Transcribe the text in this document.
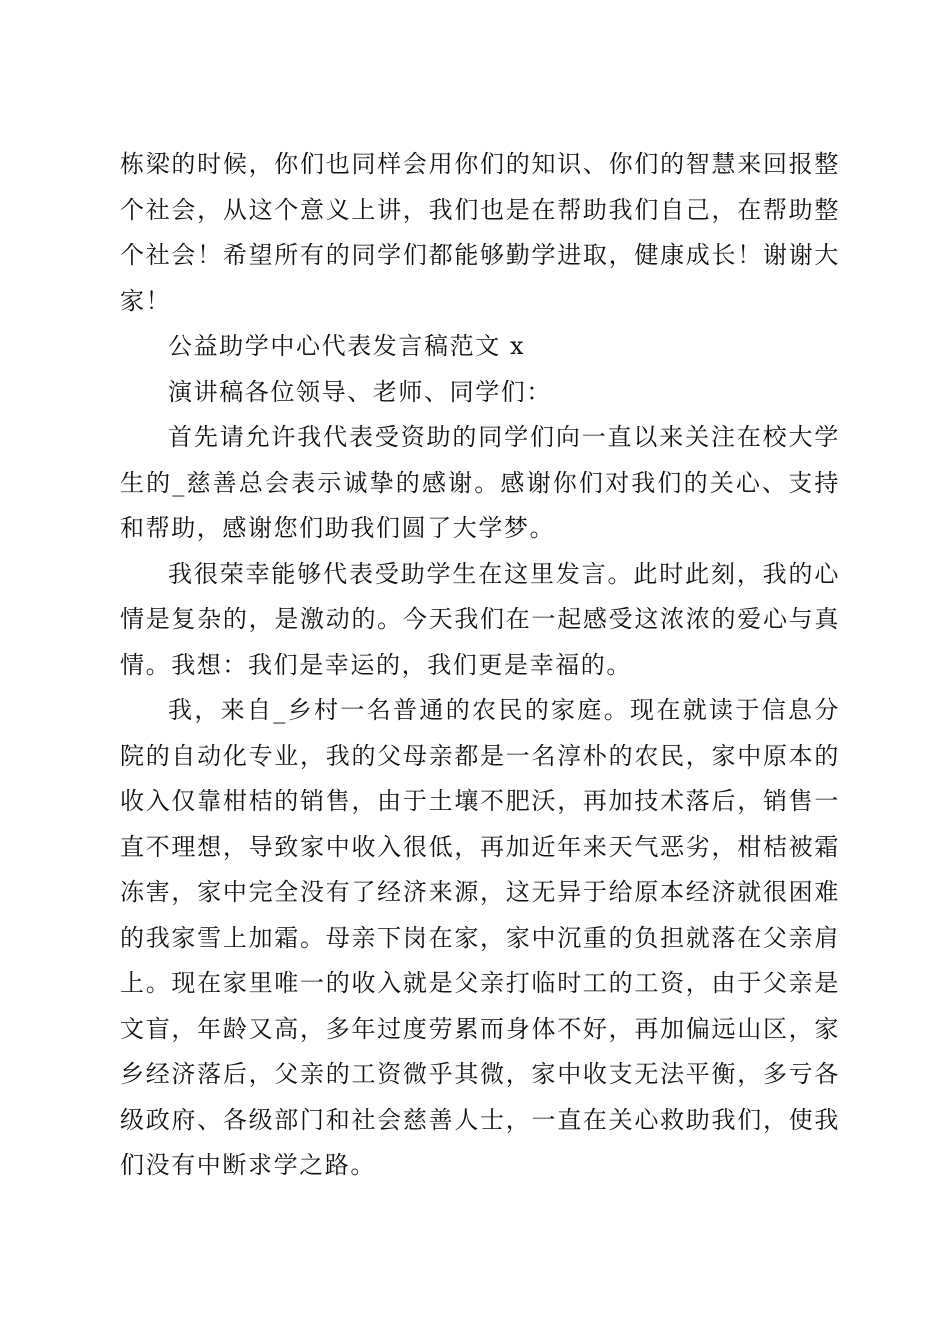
栋梁的时候，你们也同样会用你们的知识、你们的智慧来回报整个社会，从这个意义上讲，我们也是在帮助我们自己，在帮助整个社会！希望所有的同学们都能够勤学进取，健康成长！谢谢大家！

公益助学中心代表发言稿范文 x

演讲稿各位领导、老师、同学们：

首先请允许我代表受资助的同学们向一直以来关注在校大学生的_慈善总会表示诚挚的感谢。感谢你们对我们的关心、支持和帮助，感谢您们助我们圆了大学梦。

我很荣幸能够代表受助学生在这里发言。此时此刻，我的心情是复杂的，是激动的。今天我们在一起感受这浓浓的爱心与真情。我想：我们是幸运的，我们更是幸福的。

我，来自_乡村一名普通的农民的家庭。现在就读于信息分院的自动化专业，我的父母亲都是一名淳朴的农民，家中原本的收入仅靠柑桔的销售，由于土壤不肥沃，再加技术落后，销售一直不理想，导致家中收入很低，再加近年来天气恶劣，柑桔被霜冻害，家中完全没有了经济来源，这无异于给原本经济就很困难的我家雪上加霜。母亲下岗在家，家中沉重的负担就落在父亲肩上。现在家里唯一的收入就是父亲打临时工的工资，由于父亲是文盲，年龄又高，多年过度劳累而身体不好，再加偏远山区，家乡经济落后，父亲的工资微乎其微，家中收支无法平衡，多亏各级政府、各级部门和社会慈善人士，一直在关心救助我们，使我们没有中断求学之路。
